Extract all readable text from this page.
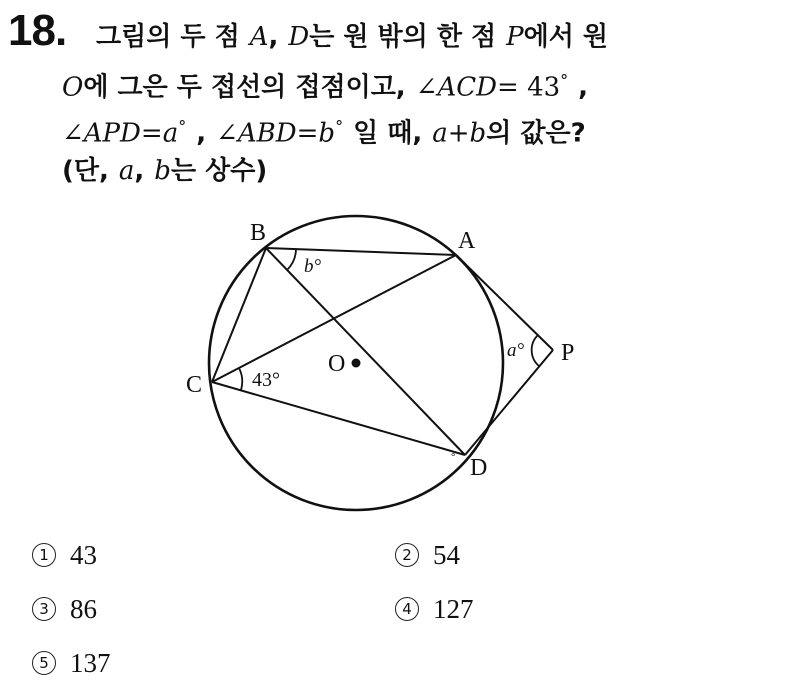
18. 그림의 두 점 A, D는 원 밖의 한 점 P에서 원
O에 그은 두 접선의 접점이고, ∠ACD= 43° ,
∠APD=a° , ∠ABD=b° 일 때, a+b의 값은?
(단, a, b는 상수)
B	A
C
D
P
O
b°
43°
a°
°
1 43	2 54
3 86	4 127
5 137
